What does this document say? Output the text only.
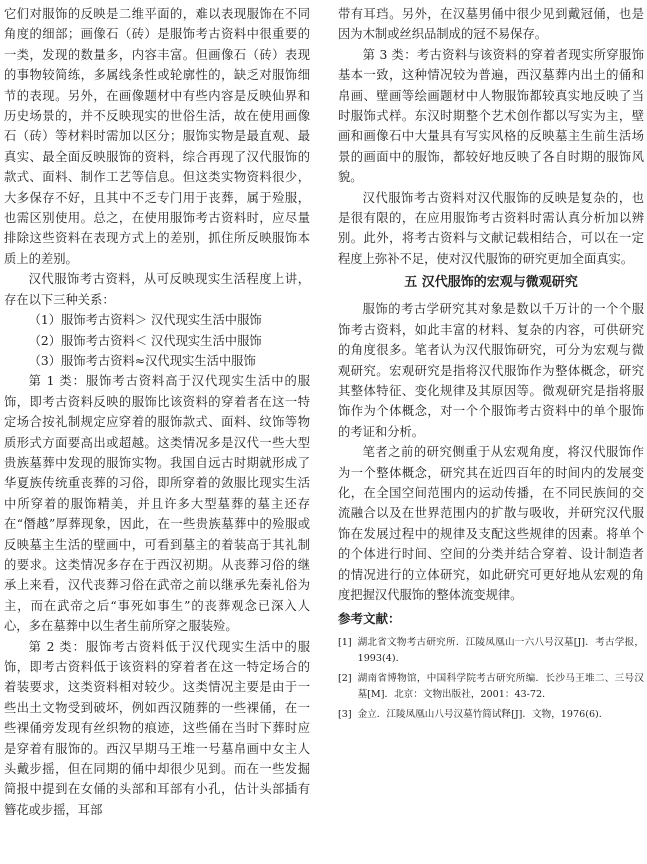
它们对服饰的反映是二维平面的，难以表现服饰在不同角度的细部；画像石（砖）是服饰考古资料中很重要的一类，发现的数量多，内容丰富。但画像石（砖）表现的事物较简练，多属线条性或轮廓性的，缺乏对服饰细节的表现。另外，在画像题材中有些内容是反映仙界和历史场景的，并不反映现实的世俗生活，故在使用画像石（砖）等材料时需加以区分；服饰实物是最直观、最真实、最全面反映服饰的资料，综合再现了汉代服饰的款式、面料、制作工艺等信息。但这类实物资料很少，大多保存不好，且其中不乏专门用于丧葬，属于殓服，也需区别使用。总之，在使用服饰考古资料时，应尽量排除这些资料在表现方式上的差别，抓住所反映服饰本质上的差别。

汉代服饰考古资料，从可反映现实生活程度上讲，存在以下三种关系：

（1）服饰考古资料＞ 汉代现实生活中服饰

（2）服饰考古资料＜ 汉代现实生活中服饰

（3）服饰考古资料≈汉代现实生活中服饰

第 1 类：服饰考古资料高于汉代现实生活中的服饰，即考古资料反映的服饰比该资料的穿着者在这一特定场合按礼制规定应穿着的服饰款式、面料、纹饰等物质形式方面要高出或超越。这类情况多是汉代一些大型贵族墓葬中发现的服饰实物。我国自远古时期就形成了华夏族传统重丧葬的习俗，即所穿着的敛服比现实生活中所穿着的服饰精美，并且许多大型墓葬的墓主还存在“僭越”厚葬现象，因此，在一些贵族墓葬中的殓服或反映墓主生活的壁画中，可看到墓主的着装高于其礼制的要求。这类情况多存在于西汉初期。从丧葬习俗的继承上来看，汉代丧葬习俗在武帝之前以继承先秦礼俗为主，而在武帝之后“事死如事生”的丧葬观念已深入人心，多在墓葬中以生者生前所穿之服装殓。

第 2 类：服饰考古资料低于汉代现实生活中的服饰，即考古资料低于该资料的穿着者在这一特定场合的着装要求，这类资料相对较少。这类情况主要是由于一些出土文物受到破坏，例如西汉随葬的一些裸俑，在一些裸俑旁发现有丝织物的痕迹，这些俑在当时下葬时应是穿着有服饰的。西汉早期马王堆一号墓帛画中女主人头戴步摇，但在同期的俑中却很少见到。而在一些发掘简报中提到在女俑的头部和耳部有小孔，估计头部插有簪花或步摇，耳部

带有耳珰。另外，在汉墓男俑中很少见到戴冠俑，也是因为木制或丝织品制成的冠不易保存。

第 3 类：考古资料与该资料的穿着者现实所穿服饰基本一致，这种情况较为普遍，西汉墓葬内出土的俑和帛画、壁画等绘画题材中人物服饰都较真实地反映了当时服饰式样。东汉时期整个艺术创作都以写实为主，壁画和画像石中大量具有写实风格的反映墓主生前生活场景的画面中的服饰，都较好地反映了各自时期的服饰风貌。

汉代服饰考古资料对汉代服饰的反映是复杂的，也是很有限的，在应用服饰考古资料时需认真分析加以辨别。此外，将考古资料与文献记载相结合，可以在一定程度上弥补不足，使对汉代服饰的研究更加全面真实。

五 汉代服饰的宏观与微观研究

服饰的考古学研究其对象是数以千万计的一个个服饰考古资料，如此丰富的材料、复杂的内容，可供研究的角度很多。笔者认为汉代服饰研究，可分为宏观与微观研究。宏观研究是指将汉代服饰作为整体概念，研究其整体特征、变化规律及其原因等。微观研究是指将服饰作为个体概念，对一个个服饰考古资料中的单个服饰的考证和分析。

笔者之前的研究侧重于从宏观角度，将汉代服饰作为一个整体概念，研究其在近四百年的时间内的发展变化，在全国空间范围内的运动传播，在不同民族间的交流融合以及在世界范围内的扩散与吸收，并研究汉代服饰在发展过程中的规律及支配这些规律的因素。将单个的个体进行时间、空间的分类并结合穿着、设计制造者的情况进行的立体研究，如此研究可更好地从宏观的角度把握汉代服饰的整体流变规律。

参考文献：
[1] 湖北省文物考古研究所．江陵凤凰山一六八号汉墓[J]．考古学报，1993(4)．
[2] 湖南省博物馆，中国科学院考古研究所编．长沙马王堆二、三号汉墓[M]．北京：文物出版社，2001：43-72．
[3] 金立．江陵凤凰山八号汉墓竹简试释[J]．文物，1976(6)．
